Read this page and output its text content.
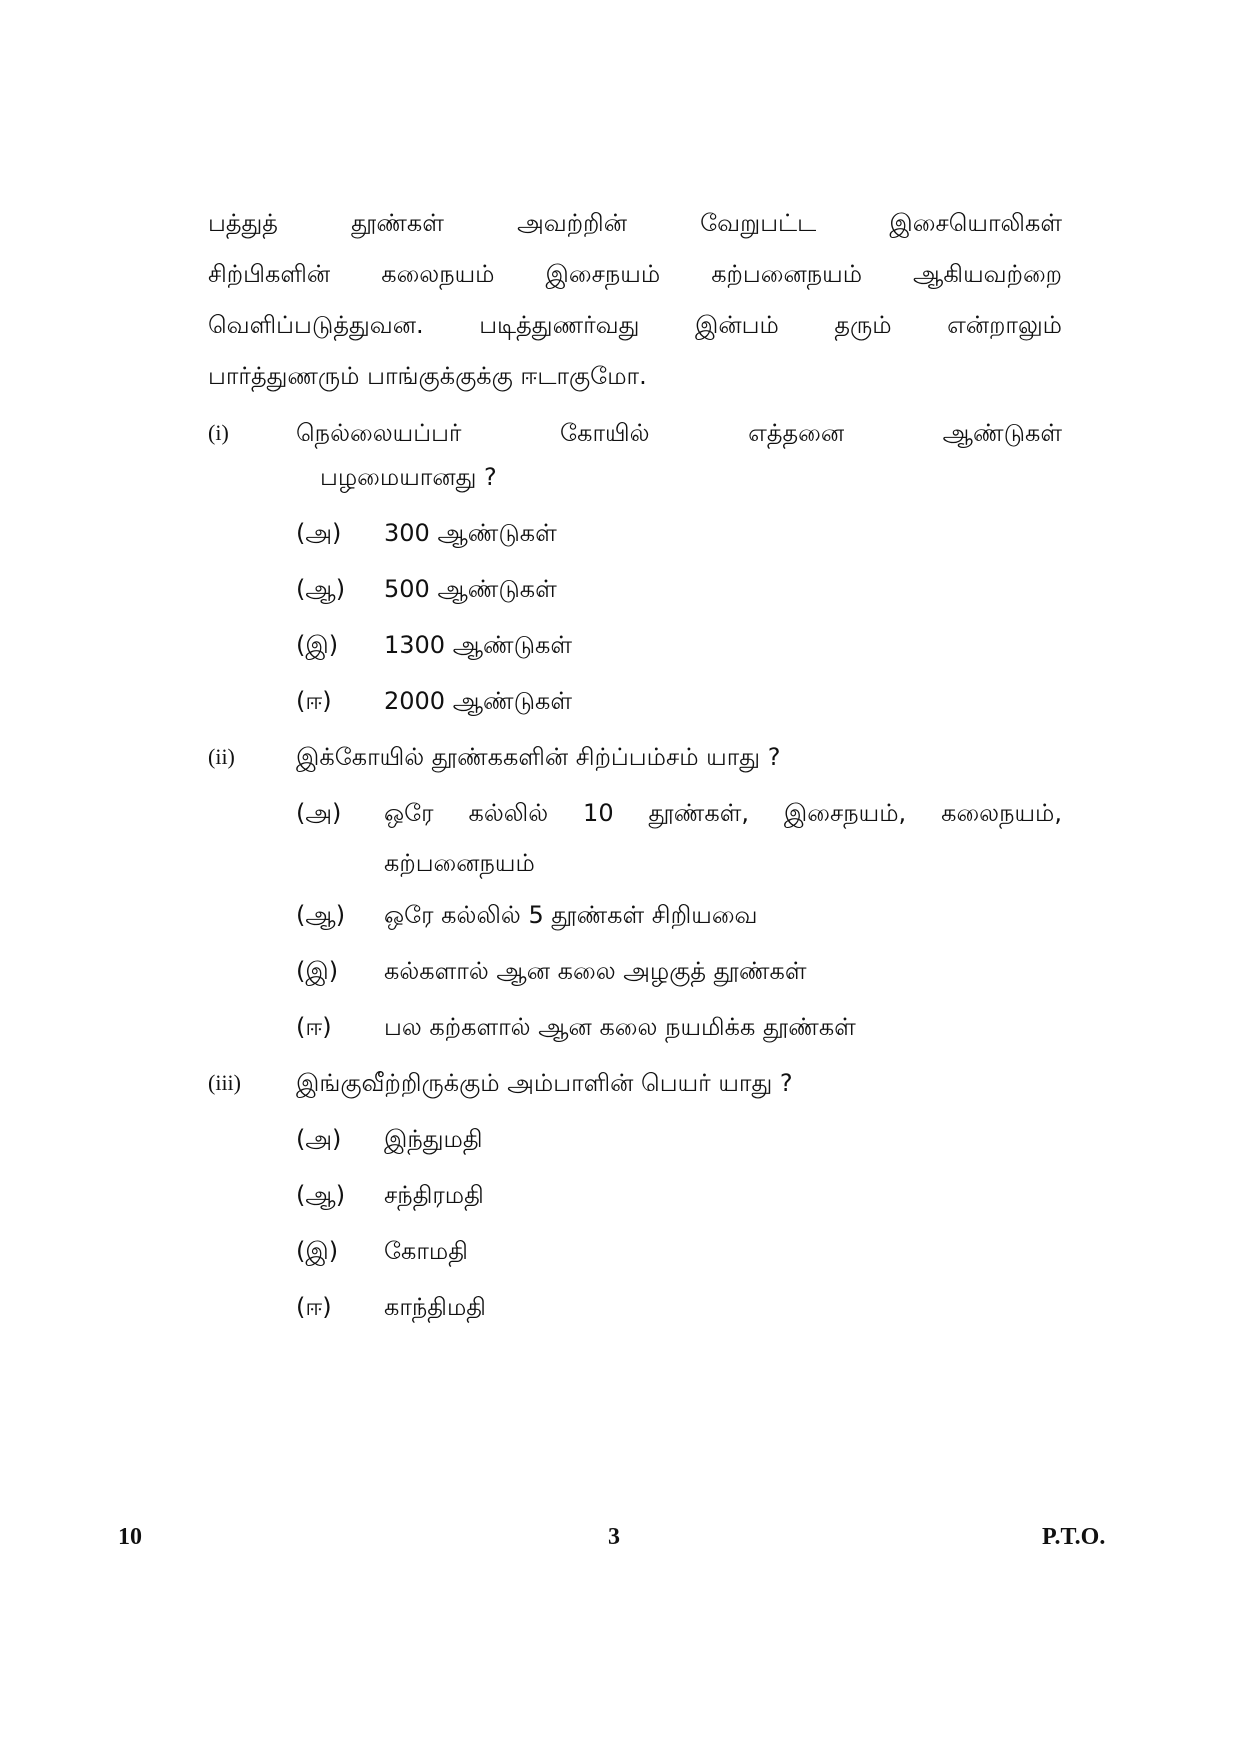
பத்துத் தூண்கள் அவற்றின் வேறுபட்ட இசையொலிகள்
சிற்பிகளின் கலைநயம் இசைநயம் கற்பனைநயம் ஆகியவற்றை
வெளிப்படுத்துவன. படித்துணர்வது இன்பம் தரும் என்றாலும்
பார்த்துணரும் பாங்குக்குக்கு ஈடாகுமோ.
(i)	நெல்லையப்பர் கோயில் எத்தனை ஆண்டுகள்
பழமையானது ?
(அ) 300 ஆண்டுகள்
(ஆ) 500 ஆண்டுகள்
(இ) 1300 ஆண்டுகள்
(ஈ) 2000 ஆண்டுகள்
(ii)	இக்கோயில் தூண்ககளின் சிற்ப்பம்சம் யாது ?
(அ) ஒரே கல்லில் 10 தூண்கள், இசைநயம், கலைநயம்,
கற்பனைநயம்
(ஆ) ஒரே கல்லில் 5 தூண்கள் சிறியவை
(இ) கல்களால் ஆன கலை அழகுத் தூண்கள்
(ஈ) பல கற்களால் ஆன கலை நயமிக்க தூண்கள்
(iii) இங்குவீற்றிருக்கும் அம்பாளின் பெயர் யாது ?
(அ) இந்துமதி
(ஆ) சந்திரமதி
(இ) கோமதி
(ஈ) காந்திமதி
10	3	P.T.O.
